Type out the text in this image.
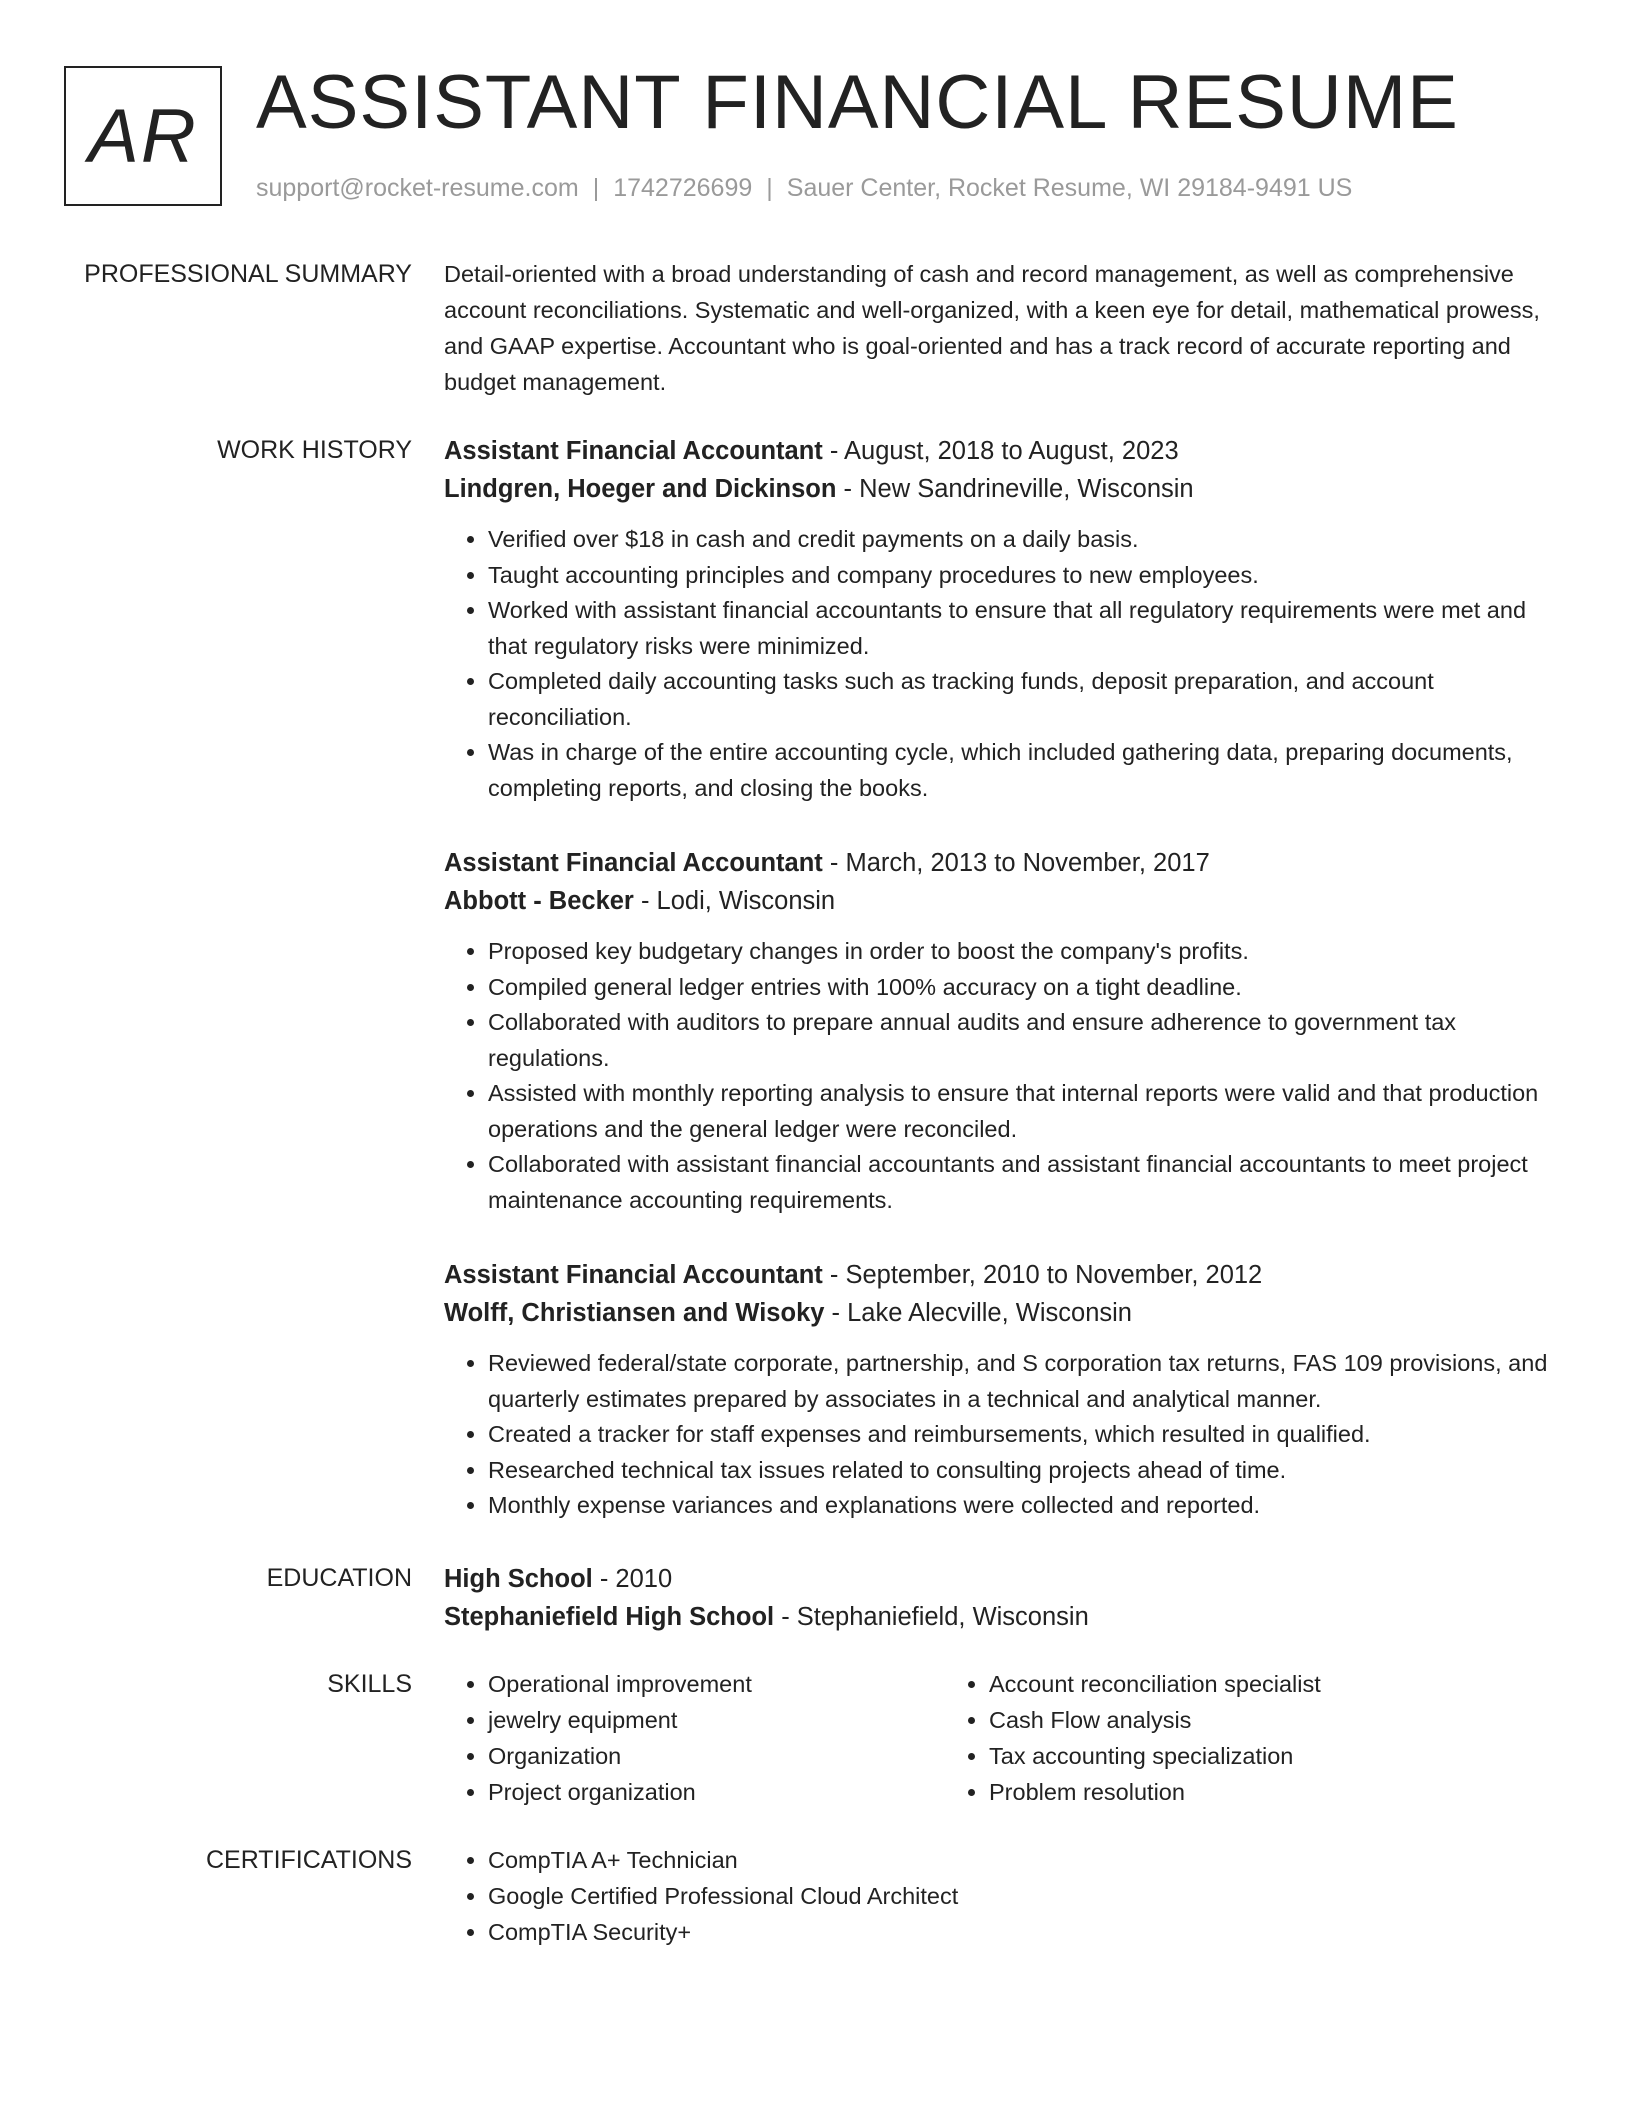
AR ASSISTANT FINANCIAL RESUME
support@rocket-resume.com | 1742726699 | Sauer Center, Rocket Resume, WI 29184-9491 US
PROFESSIONAL SUMMARY Detail-oriented with a broad understanding of cash and record management, as well as comprehensive account reconciliations. Systematic and well-organized, with a keen eye for detail, mathematical prowess, and GAAP expertise. Accountant who is goal-oriented and has a track record of accurate reporting and budget management.

WORK HISTORY Assistant Financial Accountant - August, 2018 to August, 2023
Lindgren, Hoeger and Dickinson - New Sandrineville, Wisconsin
• Verified over $18 in cash and credit payments on a daily basis.
• Taught accounting principles and company procedures to new employees.
• Worked with assistant financial accountants to ensure that all regulatory requirements were met and that regulatory risks were minimized.
• Completed daily accounting tasks such as tracking funds, deposit preparation, and account reconciliation.
• Was in charge of the entire accounting cycle, which included gathering data, preparing documents, completing reports, and closing the books.
Assistant Financial Accountant - March, 2013 to November, 2017
Abbott - Becker - Lodi, Wisconsin
• Proposed key budgetary changes in order to boost the company's profits.
• Compiled general ledger entries with 100% accuracy on a tight deadline.
• Collaborated with auditors to prepare annual audits and ensure adherence to government tax regulations.
• Assisted with monthly reporting analysis to ensure that internal reports were valid and that production operations and the general ledger were reconciled.
• Collaborated with assistant financial accountants and assistant financial accountants to meet project maintenance accounting requirements.
Assistant Financial Accountant - September, 2010 to November, 2012
Wolff, Christiansen and Wisoky - Lake Alecville, Wisconsin
• Reviewed federal/state corporate, partnership, and S corporation tax returns, FAS 109 provisions, and quarterly estimates prepared by associates in a technical and analytical manner.
• Created a tracker for staff expenses and reimbursements, which resulted in qualified.
• Researched technical tax issues related to consulting projects ahead of time.
• Monthly expense variances and explanations were collected and reported.
EDUCATION High School - 2010
Stephaniefield High School - Stephaniefield, Wisconsin
SKILLS	• Operational improvement
• jewelry equipment
• Organization
• Project organization
• Account reconciliation specialist
• Cash Flow analysis
• Tax accounting specialization
• Problem resolution
CERTIFICATIONS	• CompTIA A+ Technician
• Google Certified Professional Cloud Architect
• CompTIA Security+
